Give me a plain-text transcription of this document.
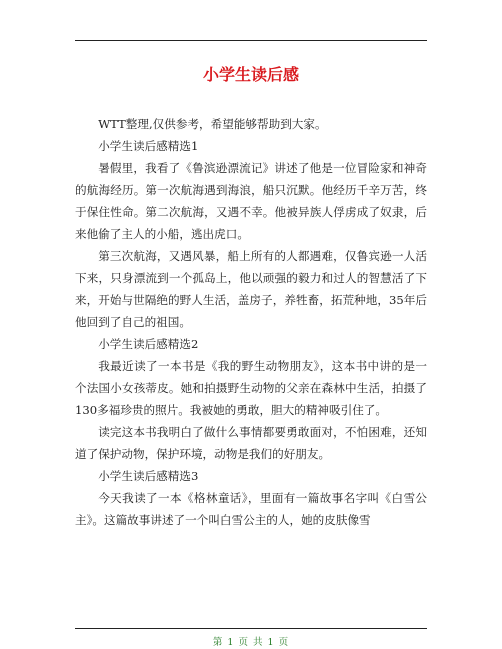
小学生读后感

WTT整理,仅供参考，希望能够帮助到大家。

小学生读后感精选1

暑假里，我看了《鲁滨逊漂流记》讲述了他是一位冒险家和神奇的航海经历。第一次航海遇到海浪，船只沉默。他经历千辛万苦，终于保住性命。第二次航海，又遇不幸。他被异族人俘虏成了奴隶，后来他偷了主人的小船，逃出虎口。

第三次航海，又遇风暴，船上所有的人都遇难，仅鲁宾逊一人活下来，只身漂流到一个孤岛上，他以顽强的毅力和过人的智慧活了下来，开始与世隔绝的野人生活，盖房子，养牲畜，拓荒种地，35年后他回到了自己的祖国。

小学生读后感精选2

我最近读了一本书是《我的野生动物朋友》，这本书中讲的是一个法国小女孩蒂皮。她和拍摄野生动物的父亲在森林中生活，拍摄了130多福珍贵的照片。我被她的勇敢，胆大的精神吸引住了。

读完这本书我明白了做什么事情都要勇敢面对，不怕困难，还知道了保护动物，保护环境，动物是我们的好朋友。

小学生读后感精选3

今天我读了一本《格林童话》，里面有一篇故事名字叫《白雪公主》。这篇故事讲述了一个叫白雪公主的人，她的皮肤像雪

第 1 页 共 1 页
